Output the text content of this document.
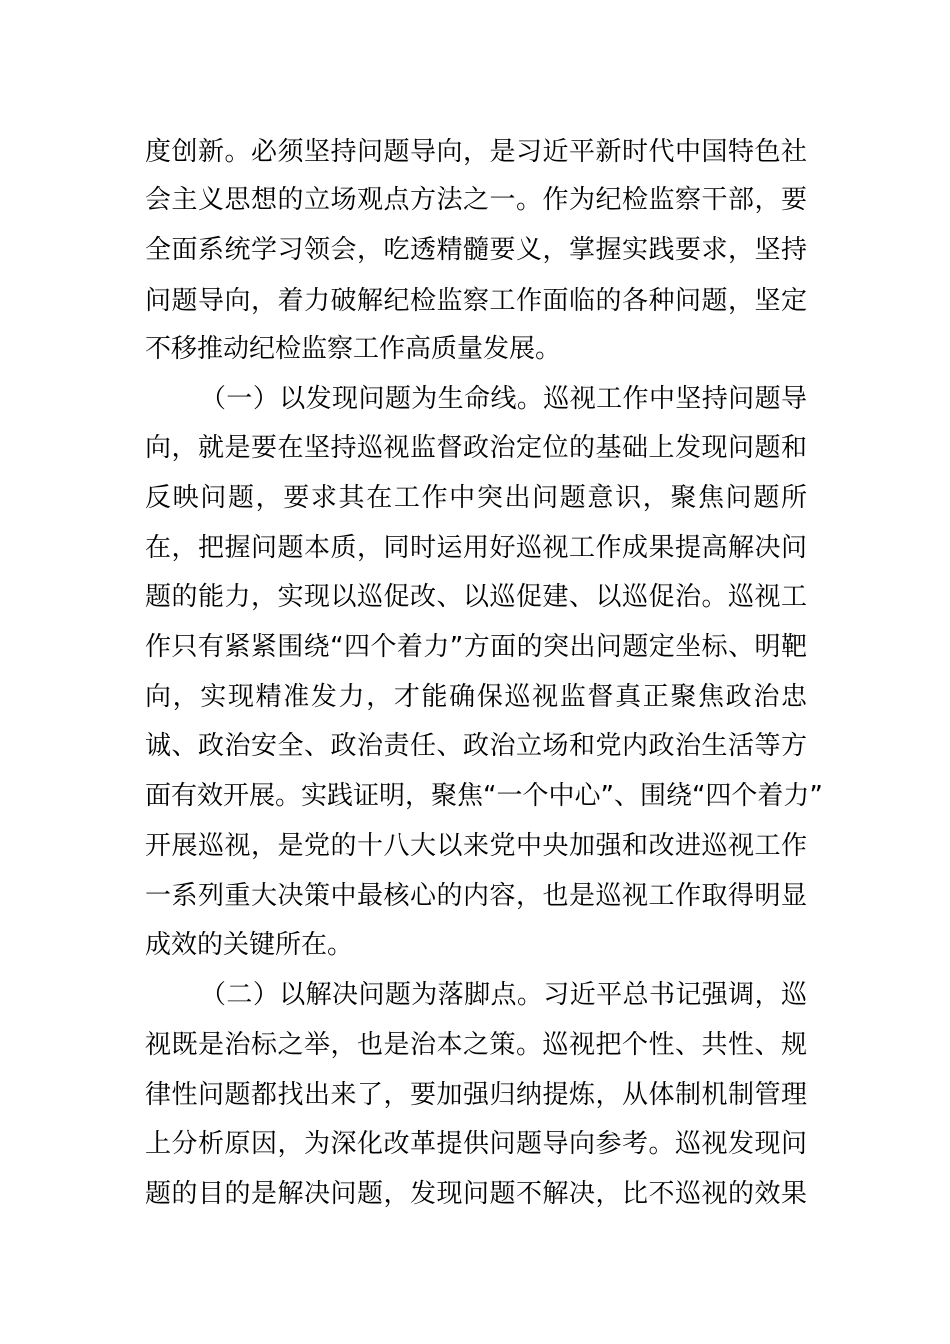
度创新。必须坚持问题导向，是习近平新时代中国特色社
会主义思想的立场观点方法之一。作为纪检监察干部，要
全面系统学习领会，吃透精髓要义，掌握实践要求，坚持
问题导向，着力破解纪检监察工作面临的各种问题，坚定
不移推动纪检监察工作高质量发展。
（一）以发现问题为生命线。巡视工作中坚持问题导
向，就是要在坚持巡视监督政治定位的基础上发现问题和
反映问题，要求其在工作中突出问题意识，聚焦问题所
在，把握问题本质，同时运用好巡视工作成果提高解决问
题的能力，实现以巡促改、以巡促建、以巡促治。巡视工
作只有紧紧围绕“四个着力”方面的突出问题定坐标、明靶
向，实现精准发力，才能确保巡视监督真正聚焦政治忠
诚、政治安全、政治责任、政治立场和党内政治生活等方
面有效开展。实践证明，聚焦“一个中心”、围绕“四个着力”
开展巡视，是党的十八大以来党中央加强和改进巡视工作
一系列重大决策中最核心的内容，也是巡视工作取得明显
成效的关键所在。
（二）以解决问题为落脚点。习近平总书记强调，巡
视既是治标之举，也是治本之策。巡视把个性、共性、规
律性问题都找出来了，要加强归纳提炼，从体制机制管理
上分析原因，为深化改革提供问题导向参考。巡视发现问
题的目的是解决问题，发现问题不解决，比不巡视的效果
